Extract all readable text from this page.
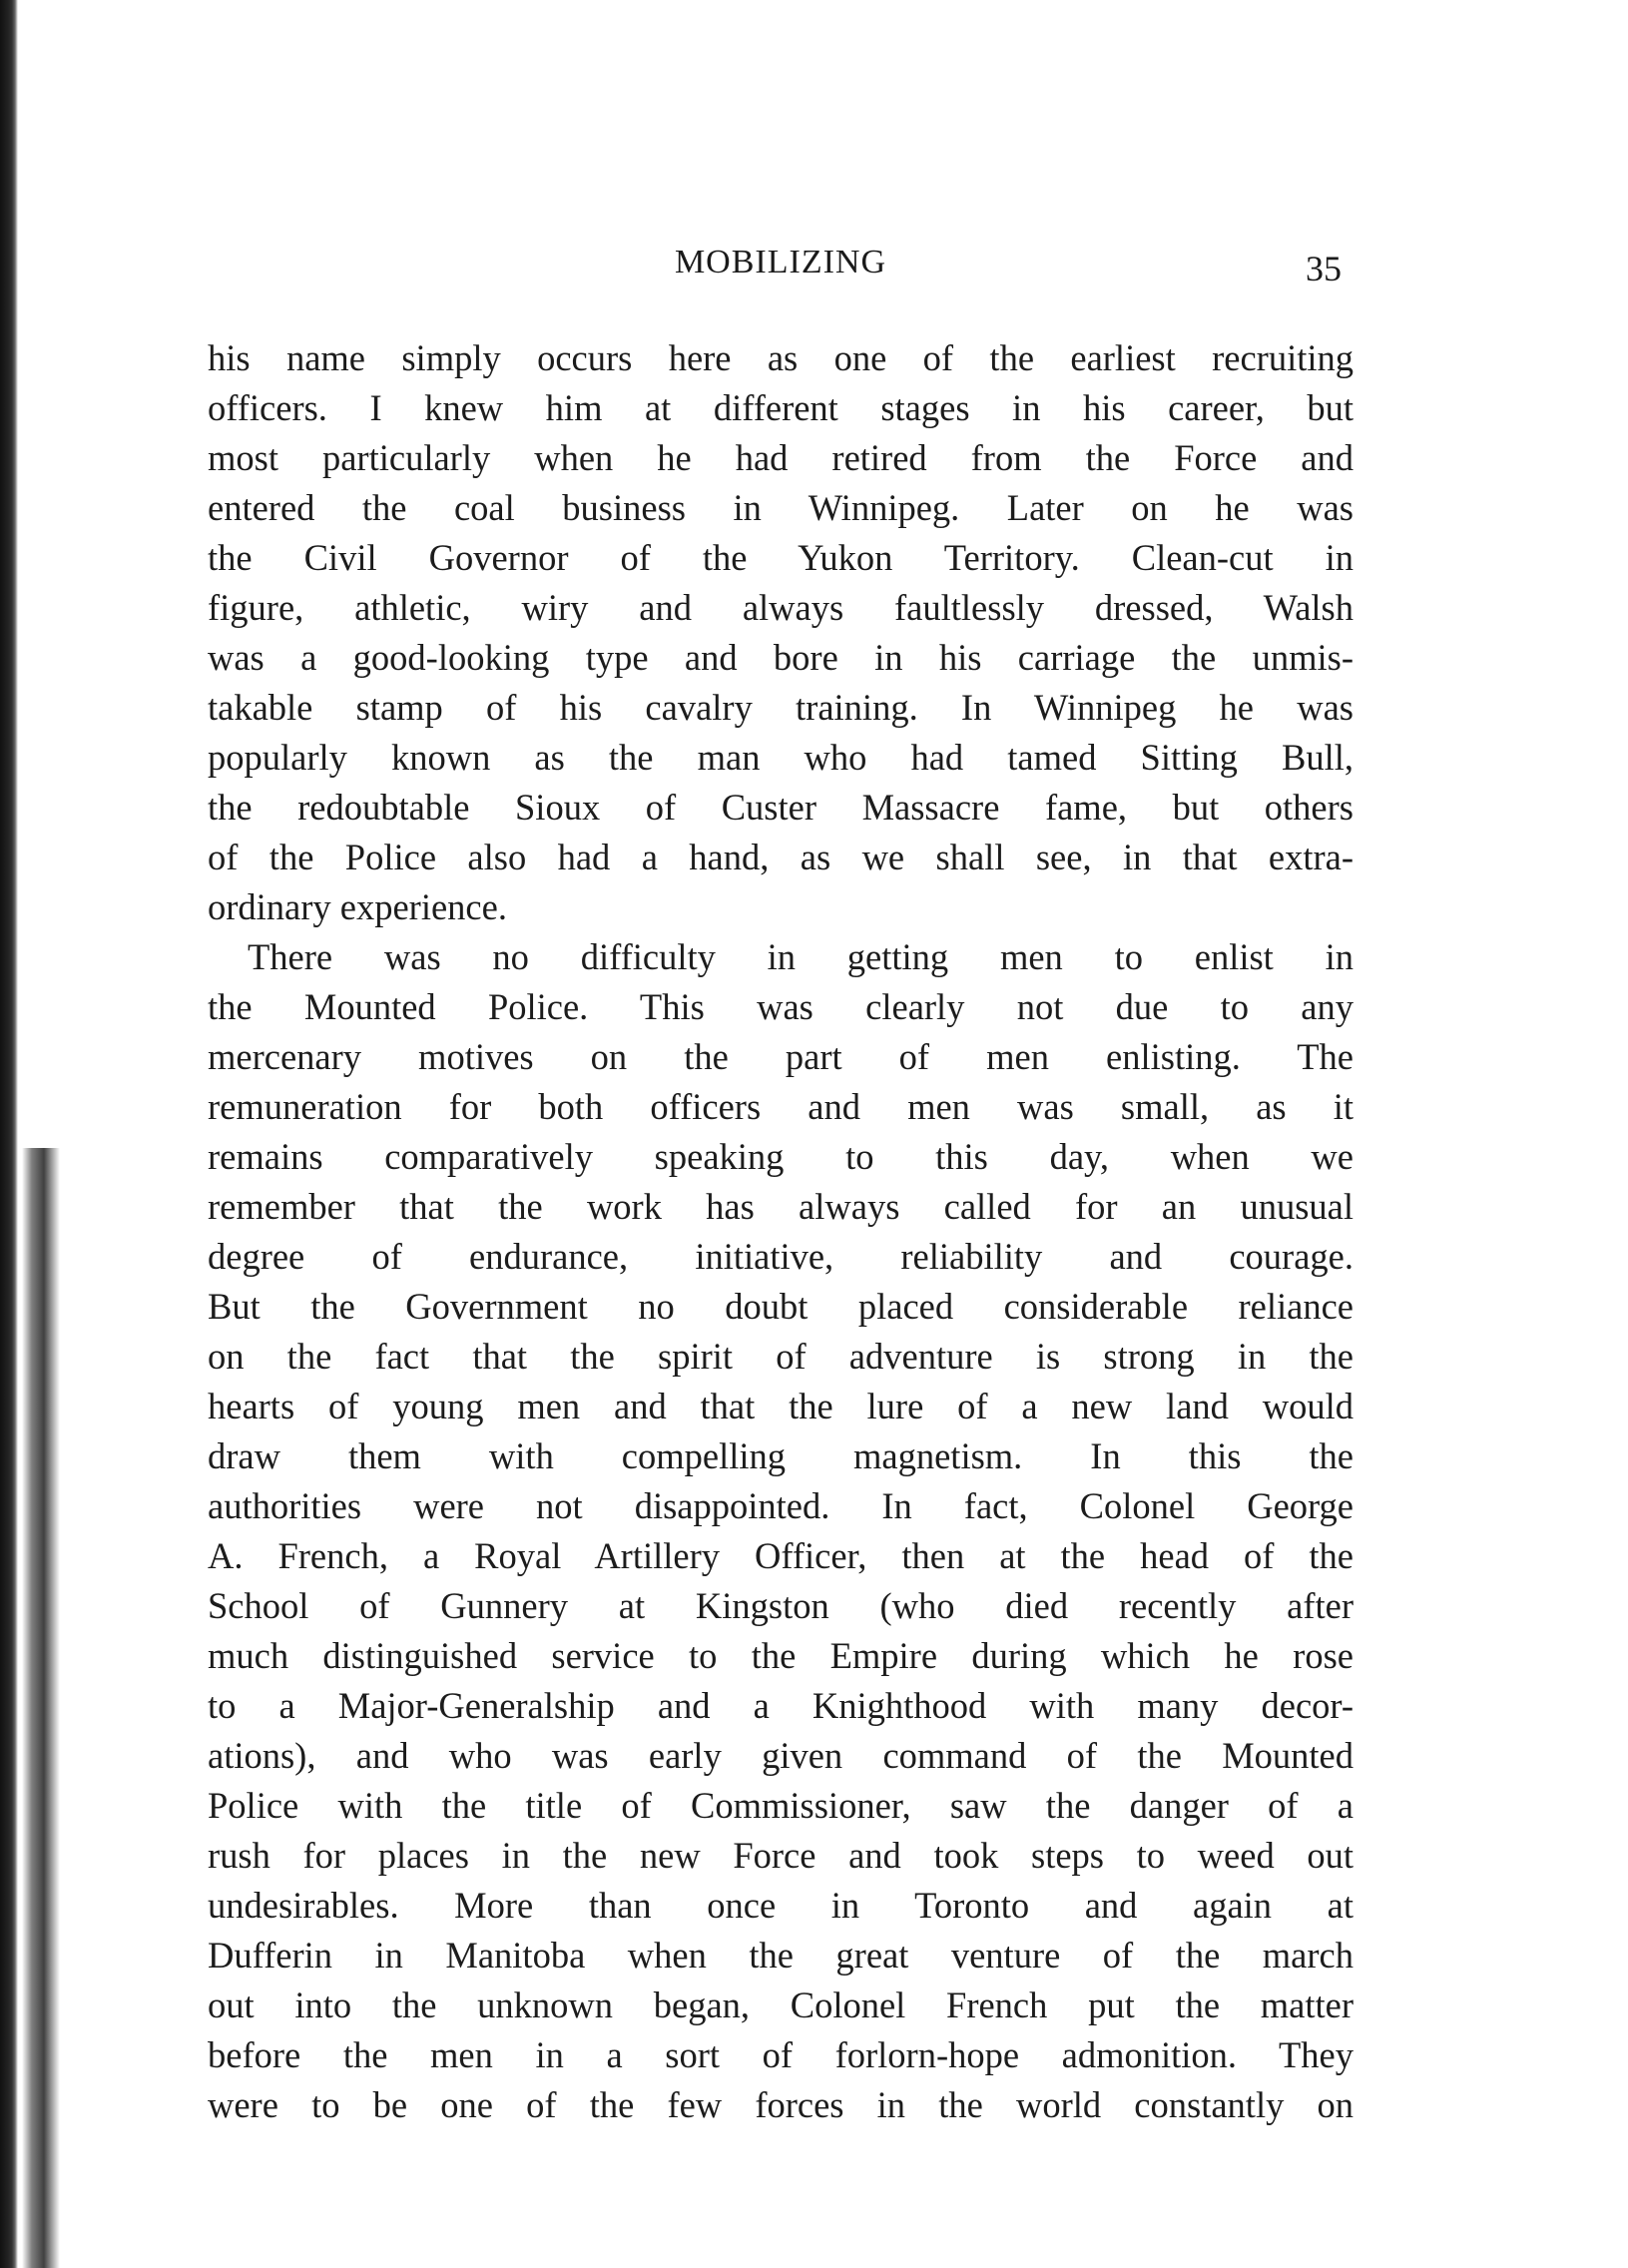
MOBILIZING	35
his name simply occurs here as one of the earliest recruiting
officers. I knew him at different stages in his career, but
most particularly when he had retired from the Force and
entered the coal business in Winnipeg. Later on he was
the Civil Governor of the Yukon Territory. Clean-cut in
figure, athletic, wiry and always faultlessly dressed, Walsh
was a good-looking type and bore in his carriage the unmis-
takable stamp of his cavalry training. In Winnipeg he was
popularly known as the man who had tamed Sitting Bull,
the redoubtable Sioux of Custer Massacre fame, but others
of the Police also had a hand, as we shall see, in that extra-
ordinary experience.
There was no difficulty in getting men to enlist in
the Mounted Police. This was clearly not due to any
mercenary motives on the part of men enlisting. The
remuneration for both officers and men was small, as it
remains comparatively speaking to this day, when we
remember that the work has always called for an unusual
degree of endurance, initiative, reliability and courage.
But the Government no doubt placed considerable reliance
on the fact that the spirit of adventure is strong in the
hearts of young men and that the lure of a new land would
draw them with compelling magnetism. In this the
authorities were not disappointed. In fact, Colonel George
A. French, a Royal Artillery Officer, then at the head of the
School of Gunnery at Kingston (who died recently after
much distinguished service to the Empire during which he rose
to a Major-Generalship and a Knighthood with many decor-
ations), and who was early given command of the Mounted
Police with the title of Commissioner, saw the danger of a
rush for places in the new Force and took steps to weed out
undesirables. More than once in Toronto and again at
Dufferin in Manitoba when the great venture of the march
out into the unknown began, Colonel French put the matter
before the men in a sort of forlorn-hope admonition. They
were to be one of the few forces in the world constantly on
